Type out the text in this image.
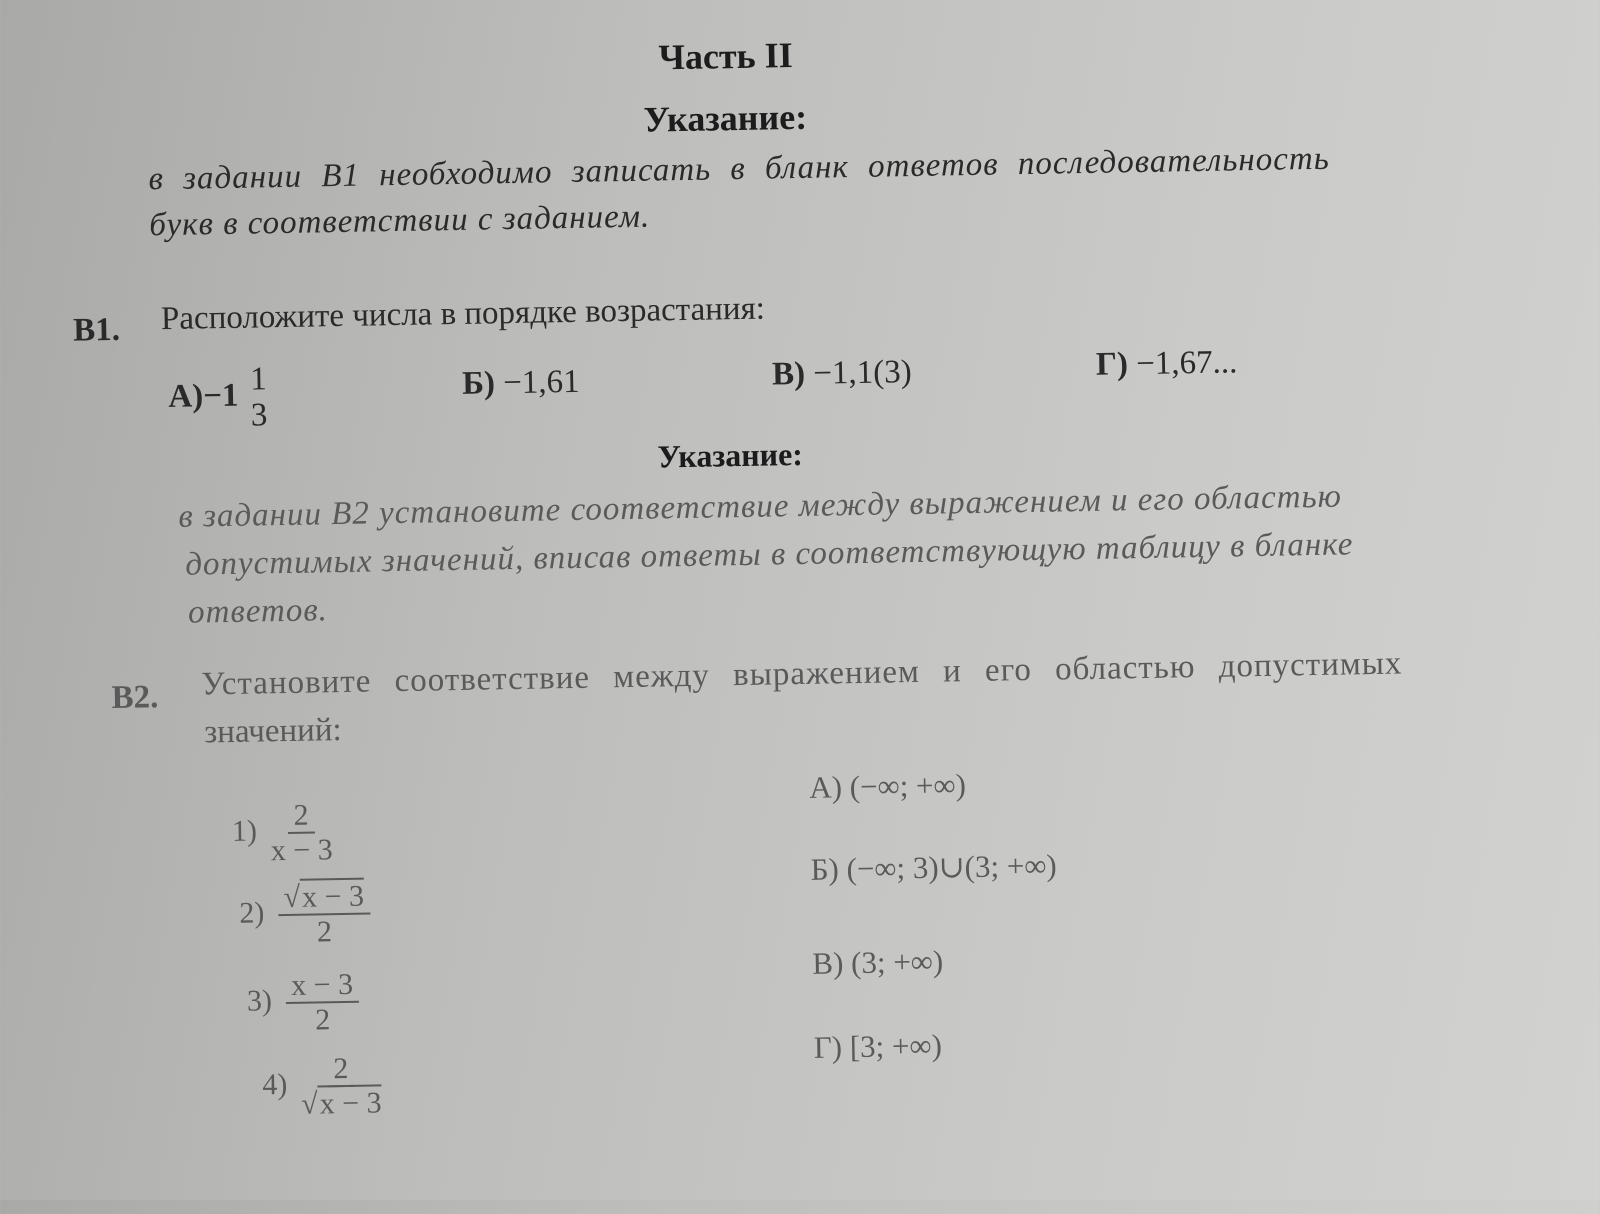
Часть II
Указание:
в задании В1 необходимо записать в бланк ответов последовательность
букв в соответствии с заданием.
В1. Расположите числа в порядке возрастания:
А)−1 1
3
Б) −1,61	В) −1,1(3)	Г) −1,67...
Указание:
в задании В2 установите соответствие между выражением и его областью
допустимых значений, вписав ответы в соответствующую таблицу в бланке
ответов.
В2. Установите соответствие между выражением и его областью допустимых
значений:
$1) \frac{2}{x - 3}$
$2) \frac{√x - 3}{2}$
$3) \frac{x - 3}{2}$
$4) \frac{2}{√x - 3}$
А) (−∞; +∞)
Б) (−∞; 3)∪(3; +∞)
В) (3; +∞)
Г) [3; +∞)
